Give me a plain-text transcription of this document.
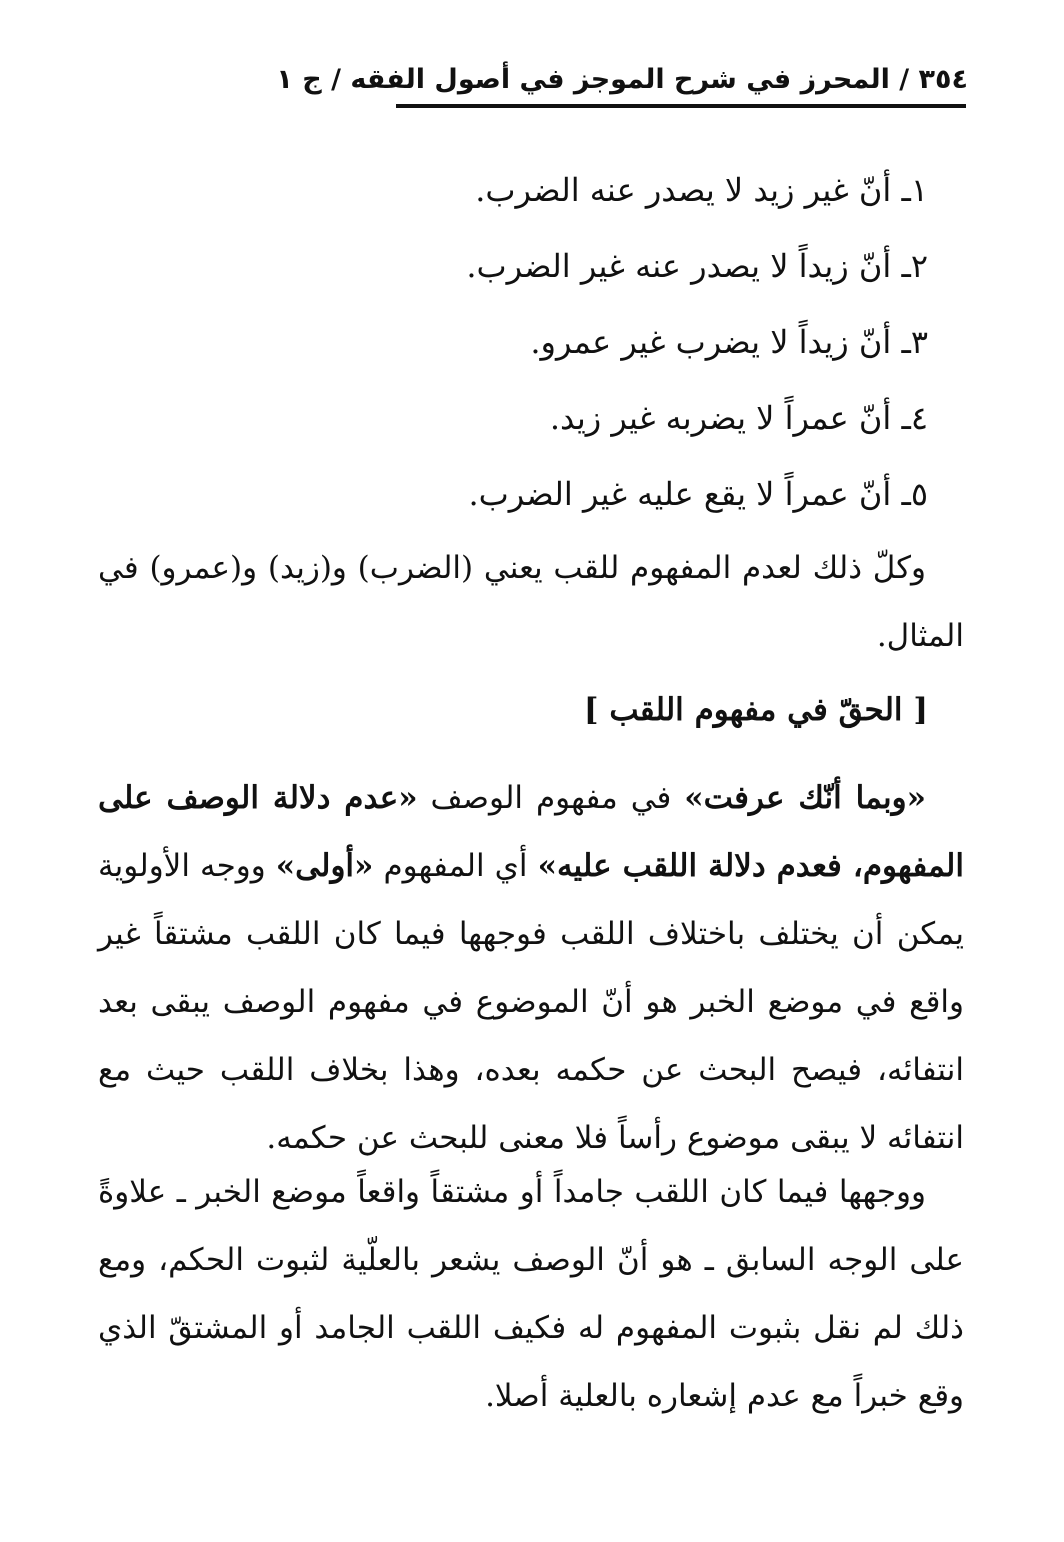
٣٥٤ / المحرز في شرح الموجز في أصول الفقه / ج ١
١ـ أنّ غير زيد لا يصدر عنه الضرب.
٢ـ أنّ زيداً لا يصدر عنه غير الضرب.
٣ـ أنّ زيداً لا يضرب غير عمرو.
٤ـ أنّ عمراً لا يضربه غير زيد.
٥ـ أنّ عمراً لا يقع عليه غير الضرب.

وكلّ ذلك لعدم المفهوم للقب يعني (الضرب) و(زيد) و(عمرو) في المثال.

[ الحقّ في مفهوم اللقب ]

«وبما أنّك عرفت» في مفهوم الوصف «عدم دلالة الوصف على المفهوم، فعدم دلالة اللقب عليه» أي المفهوم «أولى» ووجه الأولوية يمكن أن يختلف باختلاف اللقب فوجهها فيما كان اللقب مشتقاً غير واقع في موضع الخبر هو أنّ الموضوع في مفهوم الوصف يبقى بعد انتفائه، فيصح البحث عن حكمه بعده، وهذا بخلاف اللقب حيث مع انتفائه لا يبقى موضوع رأساً فلا معنى للبحث عن حكمه.

ووجهها فيما كان اللقب جامداً أو مشتقاً واقعاً موضع الخبر ـ علاوةً على الوجه السابق ـ هو أنّ الوصف يشعر بالعلّية لثبوت الحكم، ومع ذلك لم نقل بثبوت المفهوم له فكيف اللقب الجامد أو المشتقّ الذي وقع خبراً مع عدم إشعاره بالعلية أصلا.
